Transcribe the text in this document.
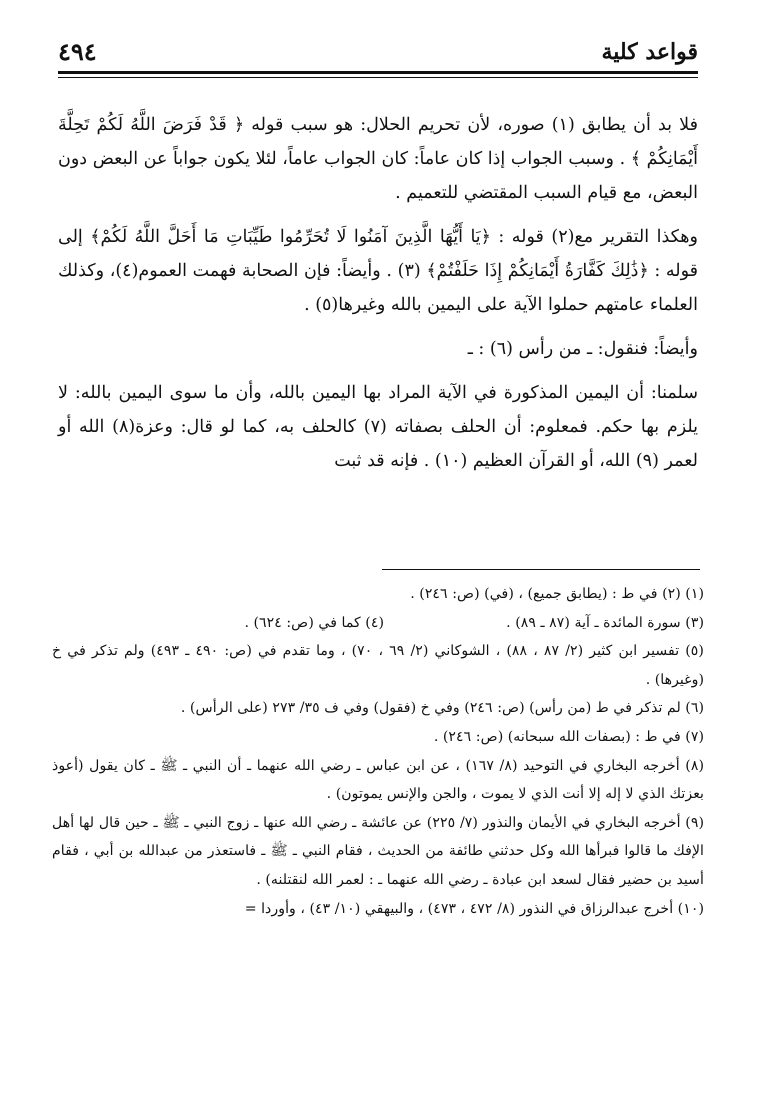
قواعد كلية
٤٩٤

فلا بد أن يطابق (١) صوره، لأن تحريم الحلال: هو سبب قوله ﴿ قَدْ فَرَضَ اللَّهُ لَكُمْ تَحِلَّةَ أَيْمَانِكُمْ ﴾ . وسبب الجواب إذا كان عاماً: كان الجواب عاماً، لئلا يكون جواباً عن البعض دون البعض، مع قيام السبب المقتضي للتعميم .

وهكذا التقرير مع(٢) قوله : ﴿يَا أَيُّهَا الَّذِينَ آمَنُوا لَا تُحَرِّمُوا طَيِّبَاتِ مَا أَحَلَّ اللَّهُ لَكُمْ﴾ إلى قوله : ﴿ذَٰلِكَ كَفَّارَةُ أَيْمَانِكُمْ إِذَا حَلَفْتُمْ﴾ (٣) . وأيضاً: فإن الصحابة فهمت العموم(٤)، وكذلك العلماء عامتهم حملوا الآية على اليمين بالله وغيرها(٥) .

وأيضاً: فنقول: ـ من رأس (٦) : ـ

سلمنا: أن اليمين المذكورة في الآية المراد بها اليمين بالله، وأن ما سوى اليمين بالله: لا يلزم بها حكم. فمعلوم: أن الحلف بصفاته (٧) كالحلف به، كما لو قال: وعزة(٨) الله أو لعمر (٩) الله، أو القرآن العظيم (١٠) . فإنه قد ثبت

(١) (٢) في ط : (يطابق جميع) ، (في) (ص: ٢٤٦) .

(٣) سورة المائدة ـ آية (٨٧ ـ ٨٩) .
(٤) كما في (ص: ٦٢٤) .

(٥) تفسير ابن كثير (٢/ ٨٧ ، ٨٨) ، الشوكاني (٢/ ٦٩ ، ٧٠) ، وما تقدم في (ص: ٤٩٠ ـ ٤٩٣) ولم تذكر في خ (وغيرها) .

(٦) لم تذكر في ط (من رأس) (ص: ٢٤٦) وفي خ (فقول) وفي ف ٣٥/ ٢٧٣ (على الرأس) .

(٧) في ط : (بصفات الله سبحانه) (ص: ٢٤٦) .

(٨) أخرجه البخاري في التوحيد (٨/ ١٦٧) ، عن ابن عباس ـ رضي الله عنهما ـ أن النبي ـ ﷺ ـ كان يقول (أعوذ بعزتك الذي لا إله إلا أنت الذي لا يموت ، والجن والإنس يموتون) .

(٩) أخرجه البخاري في الأيمان والنذور (٧/ ٢٢٥) عن عائشة ـ رضي الله عنها ـ زوج النبي ـ ﷺ ـ حين قال لها أهل الإفك ما قالوا فبرأها الله وكل حدثني طائفة من الحديث ، فقام النبي ـ ﷺ ـ فاستعذر من عبدالله بن أبي ، فقام أسيد بن حضير فقال لسعد ابن عبادة ـ رضي الله عنهما ـ : لعمر الله لنقتلنه) .

(١٠) أخرج عبدالرزاق في النذور (٨/ ٤٧٢ ، ٤٧٣) ، والبيهقي (١٠/ ٤٣) ، وأوردا =
